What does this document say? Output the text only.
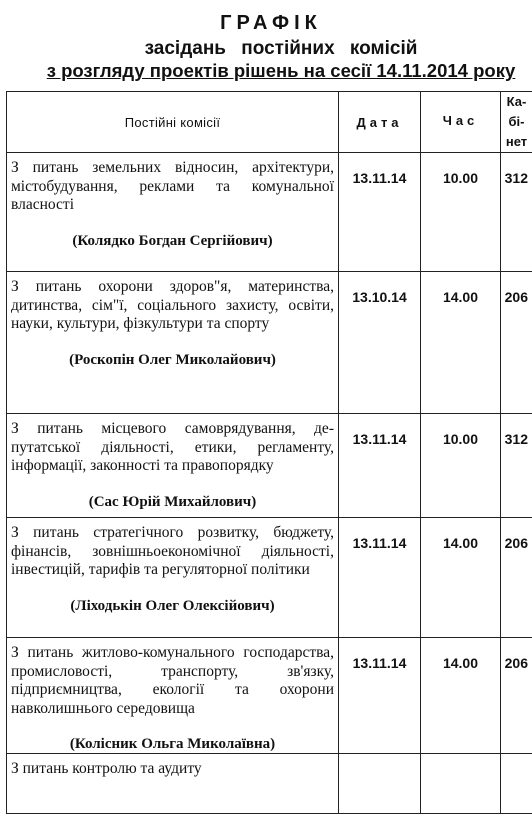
ГРАФІК
засідань постійних комісій
з розгляду проектів рішень на сесії 14.11.2014 року
Постійні комісії	Дата	Час	Ка-
бі-
нет

З питань земельних відносин, архітектури, містобудування, реклами та комунальної власності
(Колядко Богдан Сергійович)	13.11.14	10.00	312

З питань охорони здоров"я, материнства, дитинства, сім"ї, соціального захисту, освіти, науки, культури, фізкультури та спорту
(Роскопін Олег Миколайович)	13.10.14	14.00	206

З питань місцевого самоврядування, депутатської діяльності, етики, регламенту, інформації, законності та правопорядку
(Сас Юрій Михайлович)	13.11.14	10.00	312

З питань стратегічного розвитку, бюджету, фінансів, зовнішньоекономічної діяльності, інвестицій, тарифів та регуляторної політики
(Ліходькін Олег Олексійович)	13.11.14	14.00	206

З питань житлово-комунального господарства, промисловості, транспорту, зв'язку, підприємництва, екології та охорони навколишнього середовища
(Колісник Ольга Миколаївна)	13.11.14	14.00	206

З питань контролю та аудиту			
